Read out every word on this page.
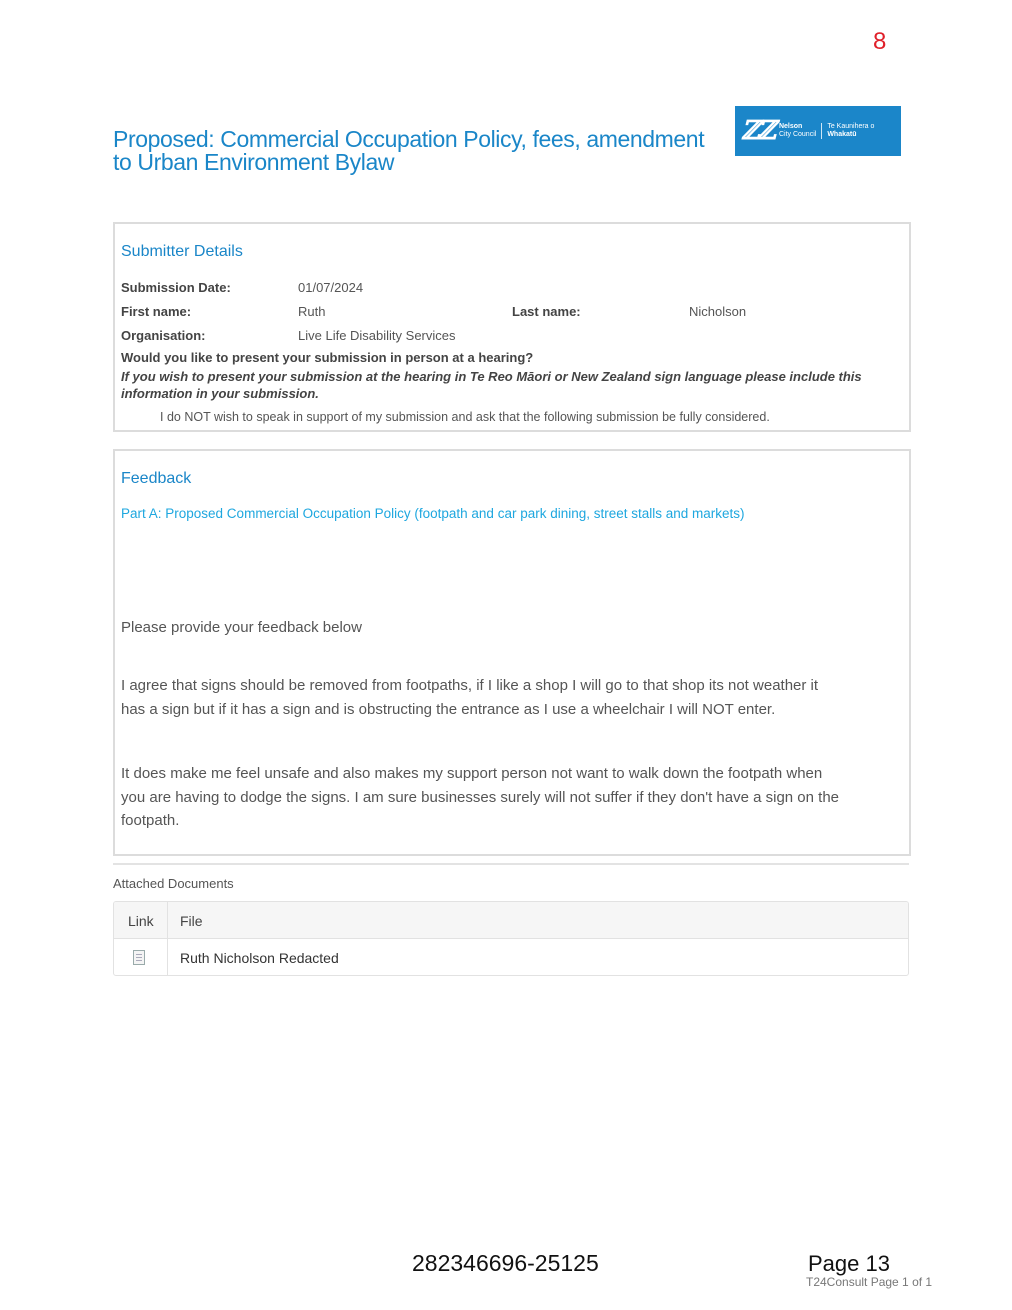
8
Proposed: Commercial Occupation Policy, fees, amendment to Urban Environment Bylaw
ℤℤ Nelson
City Council
Te Kaunihera o
Whakatū
Submitter Details
Submission Date:	01/07/2024
First name:	Ruth	Last name:	Nicholson
Organisation:	Live Life Disability Services
Would you like to present your submission in person at a hearing?
If you wish to present your submission at the hearing in Te Reo Māori or New Zealand sign language please include this information in your submission.
I do NOT wish to speak in support of my submission and ask that the following submission be fully considered.
Feedback
Part A: Proposed Commercial Occupation Policy (footpath and car park dining, street stalls and markets)
Please provide your feedback below
I agree that signs should be removed from footpaths, if I like a shop I will go to that shop its not weather it has a sign but if it has a sign and is obstructing the entrance as I use a wheelchair I will NOT enter.
It does make me feel unsafe and also makes my support person not want to walk down the footpath when you are having to dodge the signs. I am sure businesses surely will not suffer if they don't have a sign on the footpath.
Attached Documents
Link File
Ruth Nicholson Redacted
282346696-25125	Page 13
T24Consult Page 1 of 1
